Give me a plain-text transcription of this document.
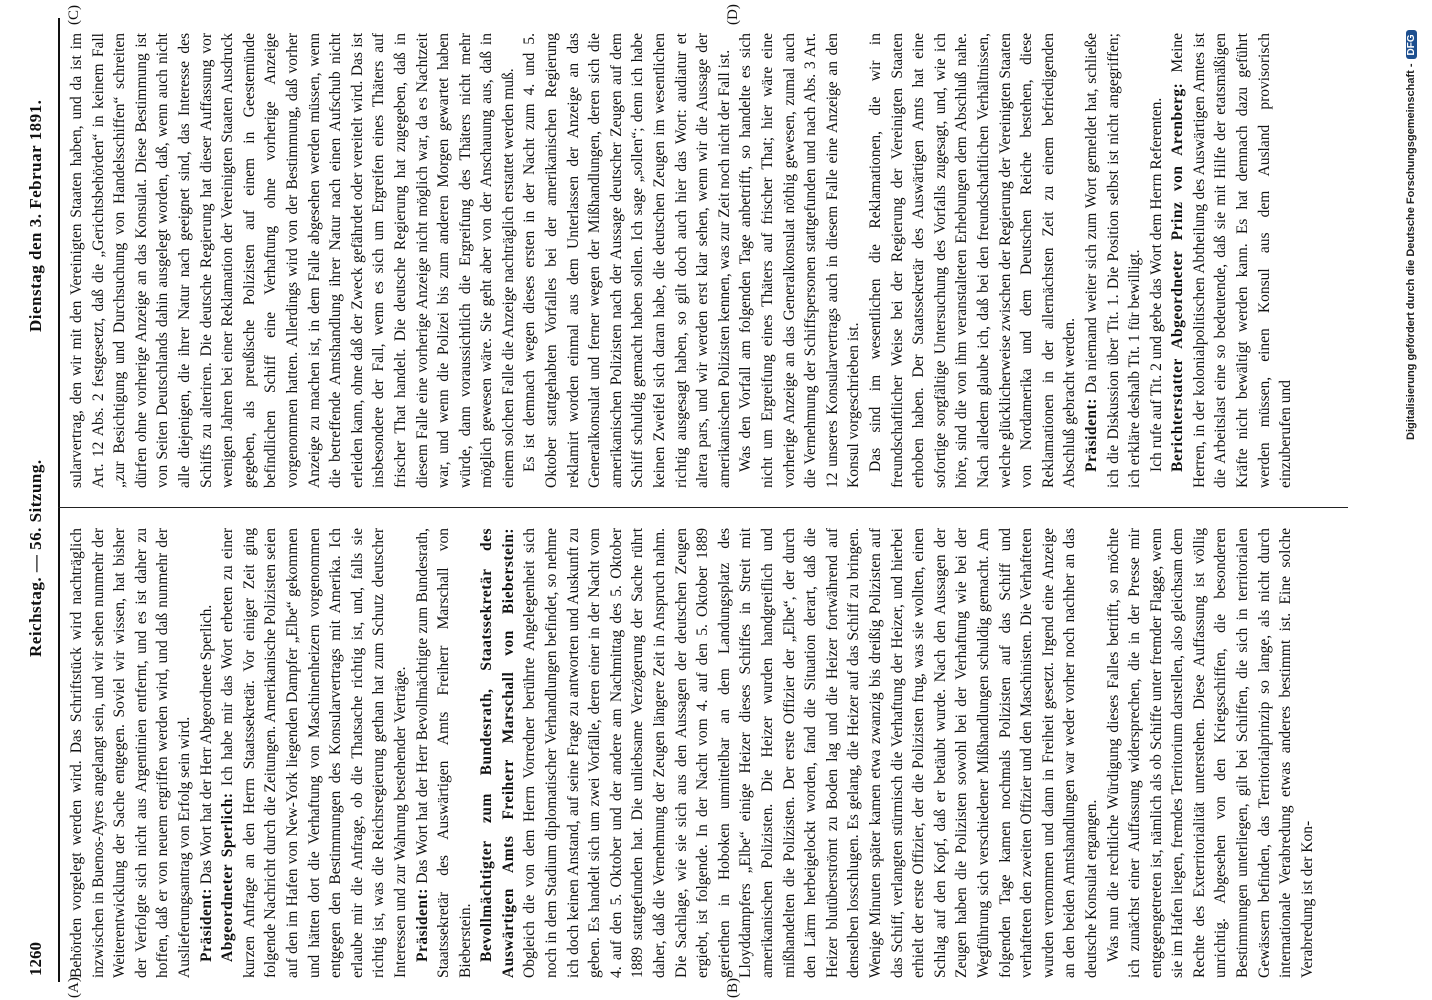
1260
Reichstag. — 56. Sitzung.
Dienstag den 3. Februar 1891.
(A)	(B)
(C)	(D)

Behörden vorgelegt werden wird. Das Schriftstück wird nachträglich inzwischen in Buenos-Ayres angelangt sein, und wir sehen nunmehr der Weiterentwicklung der Sache entgegen. Soviel wir wissen, hat bisher der Verfolgte sich nicht aus Argentinien entfernt, und es ist daher zu hoffen, daß er von neuem ergriffen werden wird, und daß nunmehr der Auslieferungsantrag von Erfolg sein wird. Präsident: Das Wort hat der Herr Abgeordnete Sperlich. Abgeordneter Sperlich: Ich habe mir das Wort erbeten zu einer kurzen Anfrage an den Herrn Staatssekretär. Vor einiger Zeit ging folgende Nachricht durch die Zeitungen. Amerikanische Polizisten seien auf den im Hafen von New-York liegenden Dampfer „Elbe“ gekommen und hätten dort die Verhaftung von Maschinenheizern vorgenommen entgegen den Bestimmungen des Konsularvertrags mit Amerika. Ich erlaube mir die Anfrage, ob die Thatsache richtig ist, und, falls sie richtig ist, was die Reichsregierung gethan hat zum Schutz deutscher Interessen und zur Wahrung bestehender Verträge. Präsident: Das Wort hat der Herr Bevollmächtigte zum Bundesrath, Staatssekretär des Auswärtigen Amts Freiherr Marschall von Bieberstein. Bevollmächtigter zum Bundesrath, Staatssekretär des Auswärtigen Amts Freiherr Marschall von Bieberstein: Obgleich die von dem Herrn Vorredner berührte Angelegenheit sich noch in dem Stadium diplomatischer Verhandlungen befindet, so nehme ich doch keinen Anstand, auf seine Frage zu antworten und Auskunft zu geben. Es handelt sich um zwei Vorfälle, deren einer in der Nacht vom 4. auf den 5. Oktober und der andere am Nachmittag des 5. Oktober 1889 stattgefunden hat. Die unliebsame Verzögerung der Sache rührt daher, daß die Vernehmung der Zeugen längere Zeit in Anspruch nahm. Die Sachlage, wie sie sich aus den Aussagen der deutschen Zeugen ergiebt, ist folgende. In der Nacht vom 4. auf den 5. Oktober 1889 geriethen in Hoboken unmittelbar an dem Landungsplatz des Lloyddampfers „Elbe“ einige Heizer dieses Schiffes in Streit mit amerikanischen Polizisten. Die Heizer wurden handgreiflich und mißhandelten die Polizisten. Der erste Offizier der „Elbe“, der durch den Lärm herbeigelockt worden, fand die Situation derart, daß die Heizer blutüberströmt zu Boden lag und die Heizer fortwährend auf denselben losschlugen. Es gelang, die Heizer auf das Schiff zu bringen. Wenige Minuten später kamen etwa zwanzig bis dreißig Polizisten auf das Schiff, verlangten stürmisch die Verhaftung der Heizer, und hierbei erhielt der erste Offizier, der die Polizisten frug, was sie wollten, einen Schlag auf den Kopf, daß er betäubt wurde. Nach den Aussagen der Zeugen haben die Polizisten sowohl bei der Verhaftung wie bei der Wegführung sich verschiedener Mißhandlungen schuldig gemacht. Am folgenden Tage kamen nochmals Polizisten auf das Schiff und verhafteten den zweiten Offizier und den Maschinisten. Die Verhafteten wurden vernommen und dann in Freiheit gesetzt. Irgend eine Anzeige an den beiden Amtshandlungen war weder vorher noch nachher an das deutsche Konsulat ergangen. Was nun die rechtliche Würdigung dieses Falles betrifft, so möchte ich zunächst einer Auffassung widersprechen, die in der Presse mir entgegengetreten ist, nämlich als ob Schiffe unter fremder Flagge, wenn sie im Hafen liegen, fremdes Territorium darstellen, also gleichsam dem Rechte des Exterritorialität unterstehen. Diese Auffassung ist völlig unrichtig. Abgesehen von den Kriegsschiffen, die besonderen Bestimmungen unterliegen, gilt bei Schiffen, die sich in territorialen Gewässern befinden, das Territorialprinzip so lange, als nicht durch internationale Verabredung etwas anderes bestimmt ist. Eine solche Verabredung ist der Kon-

sularvertrag, den wir mit den Vereinigten Staaten haben, und da ist im Art. 12 Abs. 2 festgesetzt, daß die „Gerichtsbehörden“ in keinem Fall „zur Besichtigung und Durchsuchung von Handelsschiffen“ schreiten dürfen ohne vorherige Anzeige an das Konsulat. Diese Bestimmung ist von Seiten Deutschlands dahin ausgelegt worden, daß, wenn auch nicht alle diejenigen, die ihrer Natur nach geeignet sind, das Interesse des Schiffs zu alteriren. Die deutsche Regierung hat dieser Auffassung vor wenigen Jahren bei einer Reklamation der Vereinigten Staaten Ausdruck gegeben, als preußische Polizisten auf einem in Geestemünde befindlichen Schiff eine Verhaftung ohne vorherige Anzeige vorgenommen hatten. Allerdings wird von der Bestimmung, daß vorher Anzeige zu machen ist, in dem Falle abgesehen werden müssen, wenn die betreffende Amtshandlung ihrer Natur nach einen Aufschub nicht erleiden kann, ohne daß der Zweck gefährdet oder vereitelt wird. Das ist insbesondere der Fall, wenn es sich um Ergreifen eines Thäters auf frischer That handelt. Die deutsche Regierung hat zugegeben, daß in diesem Falle eine vorherige Anzeige nicht möglich war, da es Nachtzeit war, und wenn die Polizei bis zum anderen Morgen gewartet haben würde, dann voraussichtlich die Ergreifung des Thäters nicht mehr möglich gewesen wäre. Sie geht aber von der Anschauung aus, daß in einem solchen Falle die Anzeige nachträglich erstattet werden muß. Es ist demnach wegen dieses ersten in der Nacht zum 4. und 5. Oktober stattgehabten Vorfalles bei der amerikanischen Regierung reklamirt worden einmal aus dem Unterlassen der Anzeige an das Generalkonsulat und ferner wegen der Mißhandlungen, deren sich die amerikanischen Polizisten nach der Aussage deutscher Zeugen auf dem Schiff schuldig gemacht haben sollen. Ich sage „sollen“; denn ich habe keinen Zweifel sich daran habe, die deutschen Zeugen im wesentlichen richtig ausgesagt haben, so gilt doch auch hier das Wort: audiatur et altera pars, und wir werden erst klar sehen, wenn wir die Aussage der amerikanischen Polizisten kennen, was zur Zeit noch nicht der Fall ist. Was den Vorfall am folgenden Tage anbetrifft, so handelte es sich nicht um Ergreifung eines Thäters auf frischer That; hier wäre eine vorherige Anzeige an das Generalkonsulat nöthig gewesen, zumal auch die Vernehmung der Schiffspersonen stattgefunden und nach Abs. 3 Art. 12 unseres Konsularvertrags auch in diesem Falle eine Anzeige an den Konsul vorgeschrieben ist. Das sind im wesentlichen die Reklamationen, die wir in freundschaftlicher Weise bei der Regierung der Vereinigten Staaten erhoben haben. Der Staatssekretär des Auswärtigen Amts hat eine sofortige sorgfältige Untersuchung des Vorfalls zugesagt, und, wie ich höre, sind die von ihm veranstalteten Erhebungen dem Abschluß nahe. Nach alledem glaube ich, daß bei den freundschaftlichen Verhältnissen, welche glücklicherweise zwischen der Regierung der Vereinigten Staaten von Nordamerika und dem Deutschen Reiche bestehen, diese Reklamationen in der allernächsten Zeit zu einem befriedigenden Abschluß gebracht werden. Präsident: Da niemand weiter sich zum Wort gemeldet hat, schließe ich die Diskussion über Tit. 1. Die Position selbst ist nicht angegriffen; ich erkläre deshalb Tit. 1 für bewilligt. Ich rufe auf Tit. 2 und gebe das Wort dem Herrn Referenten. Berichterstatter Abgeordneter Prinz von Arenberg: Meine Herren, in der kolonialpolitischen Abtheilung des Auswärtigen Amtes ist die Arbeitslast eine so bedeutende, daß sie mit Hilfe der etatsmäßigen Kräfte nicht bewältigt werden kann. Es hat demnach dazu geführt werden müssen, einen Konsul aus dem Ausland provisorisch einzuberufen und	Digitalisierung gefördert durch die Deutsche Forschungsgemeinschaft -DFG
